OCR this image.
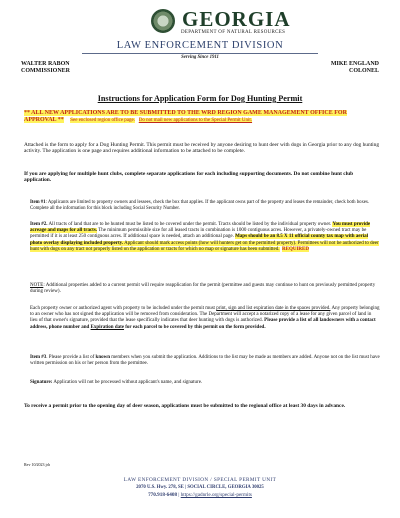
GEORGIA
DEPARTMENT OF NATURAL RESOURCES
LAW ENFORCEMENT DIVISION
Serving Since 1911
WALTER RABON
COMMISSIONER
MIKE ENGLAND
COLONEL
Instructions for Application Form for Dog Hunting Permit
** ALL NEW APPLICATIONS ARE TO BE SUBMITTED TO THE WRD REGION GAME MANAGEMENT OFFICE FOR APPROVAL ** See enclosed region office page. Do not mail new applications to the Special Permit Unit.

Attached is the form to apply for a Dog Hunting Permit. This permit must be received by anyone desiring to hunt deer with dogs in Georgia prior to any dog hunting activity. The application is one page and requires additional information to be attached to be complete.

If you are applying for multiple hunt clubs, complete separate applications for each including supporting documents. Do not combine hunt club application.

Item #1: Applicants are limited to property owners and lessees, check the box that applies. If the applicant owns part of the property and leases the remainder, check both boxes. Complete all the information for this block including Social Security Number.

Item #2. All tracts of land that are to be hunted must be listed to be covered under the permit. Tracts should be listed by the individual property owner. You must provide acreage and maps for all tracts. The minimum permissible size for all leased tracts in combination is 1000 contiguous acres. However, a privately-owned tract may be permitted if it is at least 250 contiguous acres. If additional space is needed, attach an additional page. Maps should be an 8.5 X 11 official county tax map with aerial photo overlay displaying included property. Applicant should mark access points (how will hunters get on the permitted property). Permittees will not be authorized to deer hunt with dogs on any tract not properly listed on the application or tracts for which no map or signature has been submitted. REQUIRED

NOTE: Additional properties added to a current permit will require reapplication for the permit (permittee and guests may continue to hunt on previously permitted property during review).

Each property owner or authorized agent with property to be included under the permit must print, sign and list expiration date in the spaces provided. Any property belonging to an owner who has not signed the application will be removed from consideration. The Department will accept a notarized copy of a lease for any given parcel of land in lieu of that owner's signature, provided that the lease specifically indicates that deer hunting with dogs is authorized. Please provide a list of all landowners with a contact address, phone number and Expiration date for each parcel to be covered by this permit on the form provided.

Item #3. Please provide a list of known members when you submit the application. Additions to the list may be made as members are added. Anyone not on the list must have written permission on his or her person from the permittee.

Signature: Application will not be processed without applicant's name, and signature.

To receive a permit prior to the opening day of deer season, applications must be submitted to the regional office at least 30 days in advance.

Rev 10/2023 jrh
LAW ENFORCEMENT DIVISION / SPECIAL PERMIT UNIT
2070 U.S. Hwy. 278, SE | SOCIAL CIRCLE, GEORGIA 30025
770.918-6408 | https://gadnrle.org/special-permits
